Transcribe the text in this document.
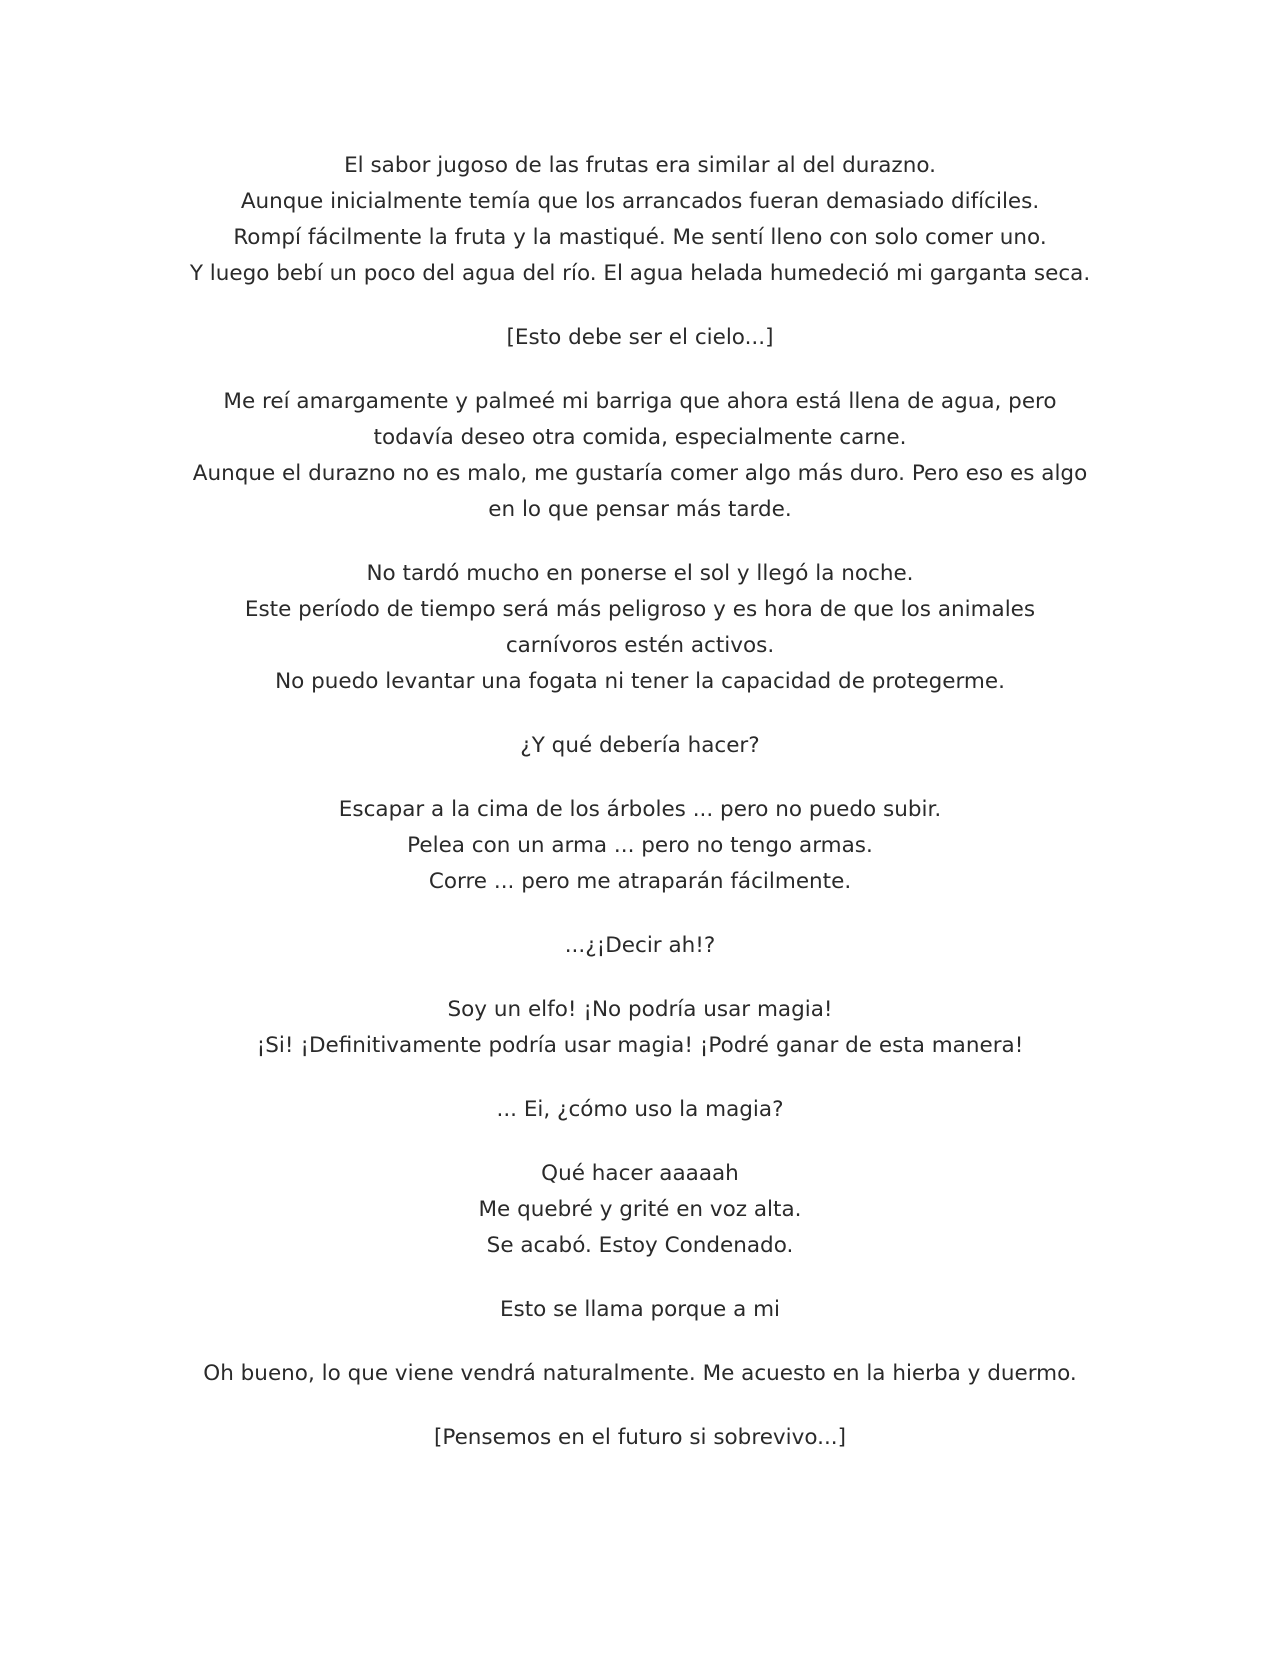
El sabor jugoso de las frutas era similar al del durazno.
Aunque inicialmente temía que los arrancados fueran demasiado difíciles.
Rompí fácilmente la fruta y la mastiqué. Me sentí lleno con solo comer uno.
Y luego bebí un poco del agua del río. El agua helada humedeció mi garganta seca.

[Esto debe ser el cielo...]

Me reí amargamente y palmeé mi barriga que ahora está llena de agua, pero
todavía deseo otra comida, especialmente carne.
Aunque el durazno no es malo, me gustaría comer algo más duro. Pero eso es algo
en lo que pensar más tarde.

No tardó mucho en ponerse el sol y llegó la noche.
Este período de tiempo será más peligroso y es hora de que los animales
carnívoros estén activos.
No puedo levantar una fogata ni tener la capacidad de protegerme.

¿Y qué debería hacer?

Escapar a la cima de los árboles ... pero no puedo subir.
Pelea con un arma ... pero no tengo armas.
Corre ... pero me atraparán fácilmente.

...¿¡Decir ah!?

Soy un elfo! ¡No podría usar magia!
¡Si! ¡Definitivamente podría usar magia! ¡Podré ganar de esta manera!

... Ei, ¿cómo uso la magia?

Qué hacer aaaaah
Me quebré y grité en voz alta.
Se acabó. Estoy Condenado.

Esto se llama porque a mi

Oh bueno, lo que viene vendrá naturalmente. Me acuesto en la hierba y duermo.

[Pensemos en el futuro si sobrevivo...]
